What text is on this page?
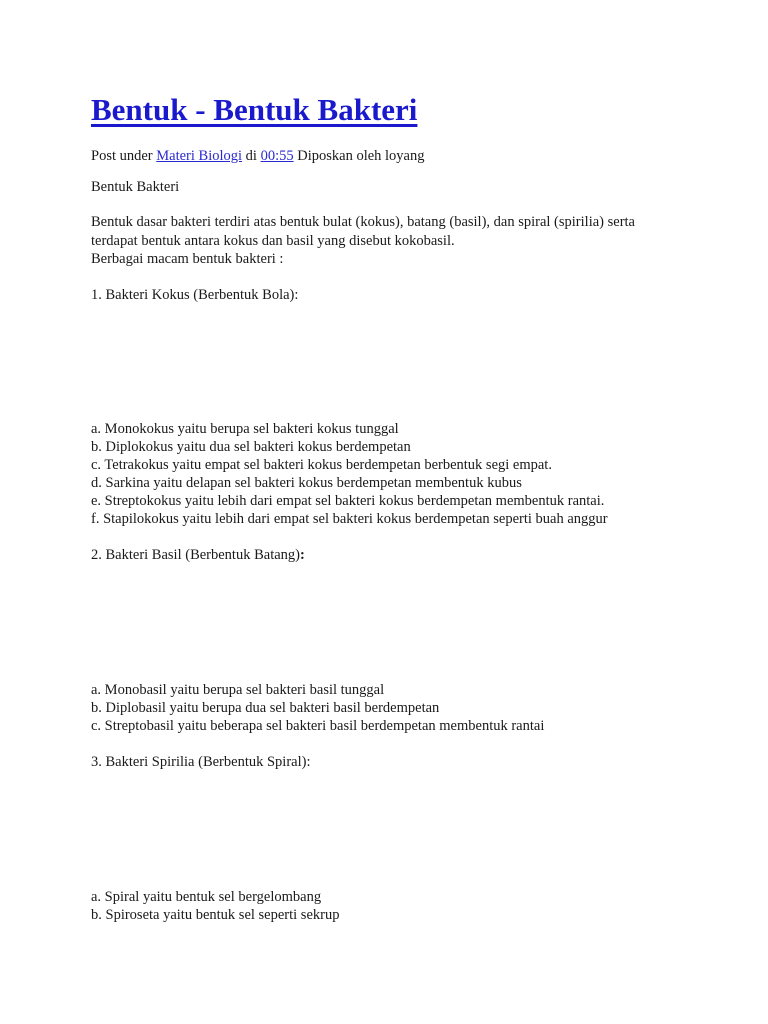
Bentuk - Bentuk Bakteri
Post under Materi Biologi di 00:55 Diposkan oleh loyang
Bentuk Bakteri
Bentuk dasar bakteri terdiri atas bentuk bulat (kokus), batang (basil), dan spiral (spirilia) serta
terdapat bentuk antara kokus dan basil yang disebut kokobasil.
Berbagai macam bentuk bakteri :
1. Bakteri Kokus (Berbentuk Bola):
a. Monokokus yaitu berupa sel bakteri kokus tunggal
b. Diplokokus yaitu dua sel bakteri kokus berdempetan
c. Tetrakokus yaitu empat sel bakteri kokus berdempetan berbentuk segi empat.
d. Sarkina yaitu delapan sel bakteri kokus berdempetan membentuk kubus
e. Streptokokus yaitu lebih dari empat sel bakteri kokus berdempetan membentuk rantai.
f. Stapilokokus yaitu lebih dari empat sel bakteri kokus berdempetan seperti buah anggur
2. Bakteri Basil (Berbentuk Batang):
a. Monobasil yaitu berupa sel bakteri basil tunggal
b. Diplobasil yaitu berupa dua sel bakteri basil berdempetan
c. Streptobasil yaitu beberapa sel bakteri basil berdempetan membentuk rantai
3. Bakteri Spirilia (Berbentuk Spiral):
a. Spiral yaitu bentuk sel bergelombang
b. Spiroseta yaitu bentuk sel seperti sekrup
